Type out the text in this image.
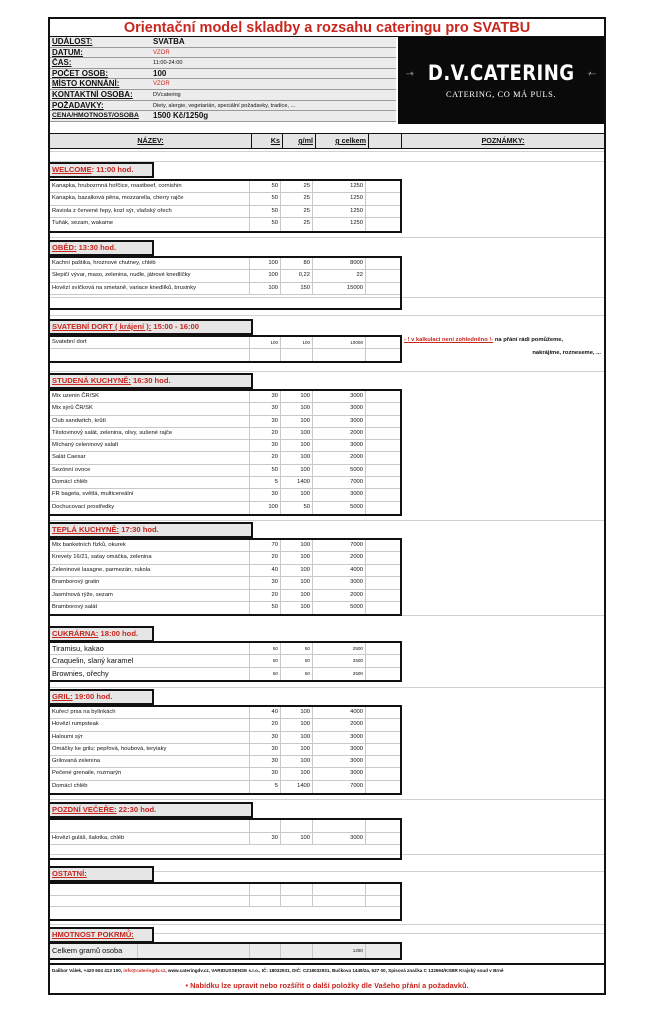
Orientační model skladby a rozsahu cateringu pro SVATBU
UDÁLOST:	SVATBA
DATUM:	VZOR
ČAS:	11:00-24:00
POČET OSOB:	100
MÍSTO KONNÁNÍ:	VZOR
KONTAKTNÍ OSOBA:	DVcatering
POŽADAVKY:	Diety, alergie, vegetarián, speciální požadavky, tradice, ...
CENA/HMOTNOST/OSOBA	1500 Kč/1250g
D.V.CATERING
CATERING, CO MÁ PULS.
NÁZEV:	Ks	g/ml	g celkem	POZNÁMKY:
WELCOME: 11:00 hod.
Kanapka, hrubozrnná hořčice, roastbeef, cornishin	50	25	1250
Kanapka, bazalková pěna, mozzarella, cherry rajče	50	25	1250
Raviola z červené řepy, kozí sýr, vlašský ořech	50	25	1250
Tuňák, sezam, wakame	50	25	1250
OBĚD: 13:30 hod.
Kachní paštika, hroznové chutney, chléb	100	80	8000
Slepičí vývar, maso, zelenina, nudle, játrové knedlíčky	100	0,22	22
Hovězí svíčková na smetaně, variace knedlíků, brusinky	100	150	15000
SVATEBNÍ DORT ( krájení ): 15:00 - 16:00
Svatební dort	100	100	10000	- ! v kalkulaci není zohledněno !- na přání rádi pomůžeme,
nakrájíme, rozneseme, ...
STUDENÁ KUCHYNĚ: 16:30 hod.
Mix uzenin ČR/SK	30	100	3000
Mix sýrů ČR/SK	30	100	3000
Club sandwitch, krůtí	30	100	3000
Těstovinový salát, zelenina, olivy, sušené rajče	20	100	2000
Míchaný celeninový salalt	30	100	3000
Salát Caesar	20	100	2000
Sezónní ovoce	50	100	5000
Domácí chléb	5	1400	7000
FR bageta, světlá, multicereální	30	100	3000
Dochucovací prostředky	100	50	5000
TEPLÁ KUCHYNĚ: 17:30 hod.
Mix banketních řízků, okurek	70	100	7000
Krevety 16/21, satay omáčka, zelenina	20	100	2000
Zeleninové lasagne, parmezán, rukola	40	100	4000
Bramborový gratin	30	100	3000
Jasmínová rýže, sezam	20	100	2000
Bramborový salát	50	100	5000
CUKRÁRNA: 18:00 hod.
Tiramisu, kakao	50	50	2500
Craquelin, slaný karamel	50	50	2500
Brownies, ořechy	50	50	2500
GRIL: 19:00 hod.
Kuřecí prsa na bylinkách	40	100	4000
Hovězí rumpsteak	20	100	2000
Haloumi sýr	30	100	3000
Omáčky ke grilu: pepřová, houbová, teryiaky	30	100	3000
Grilovaná zelenina	30	100	3000
Pečené grenaile, rozmarýn	30	100	3000
Domácí chléb	5	1400	7000
POZDNÍ VEČEŘE: 22:30 hod.
Hovězí guláš, šalotka, chléb	30	100	3000
OSTATNÍ:
HMOTNOST POKRMŮ:
Celkem gramů osoba	1250
Dalibor Válek, +420 604 413 100, info@cateringdv.cz, www.cateringdv.cz, VARIDUSSENSE s.r.o., IČ: 18032931, DIČ: CZ18032931, Bučkova 1449/2a, 627 00, Spisová značka C 132694/KSBR Krajský soud v Brně
• Nabídku lze upravit nebo rozšířit o další položky dle Vašeho přání a požadavků.
